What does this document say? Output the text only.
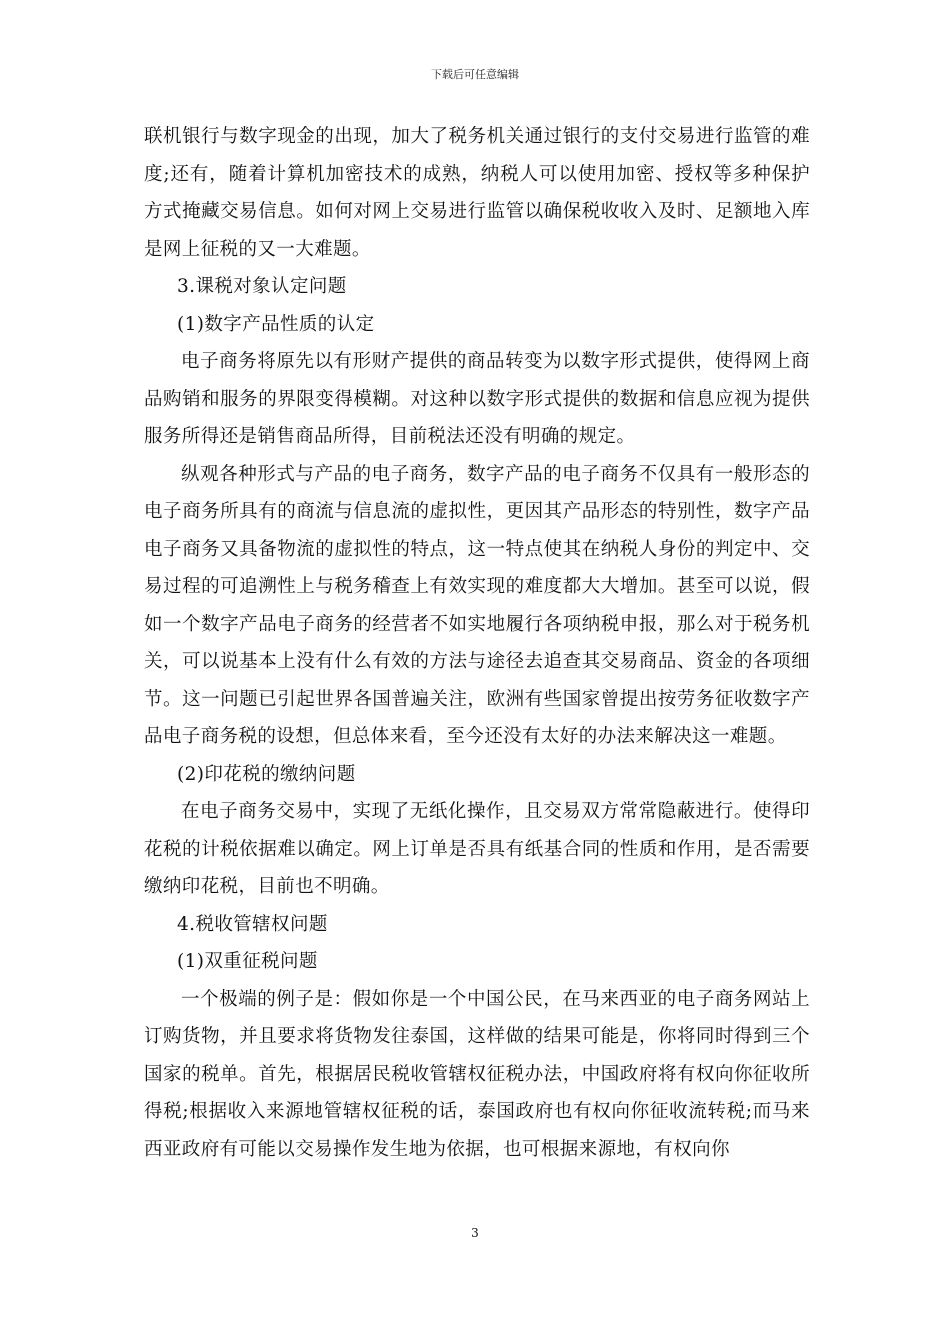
下载后可任意编辑

联机银行与数字现金的出现，加大了税务机关通过银行的支付交易进行监管的难度;还有，随着计算机加密技术的成熟，纳税人可以使用加密、授权等多种保护方式掩藏交易信息。如何对网上交易进行监管以确保税收收入及时、足额地入库是网上征税的又一大难题。

3.课税对象认定问题

(1)数字产品性质的认定

电子商务将原先以有形财产提供的商品转变为以数字形式提供，使得网上商品购销和服务的界限变得模糊。对这种以数字形式提供的数据和信息应视为提供服务所得还是销售商品所得，目前税法还没有明确的规定。

纵观各种形式与产品的电子商务，数字产品的电子商务不仅具有一般形态的电子商务所具有的商流与信息流的虚拟性，更因其产品形态的特别性，数字产品电子商务又具备物流的虚拟性的特点，这一特点使其在纳税人身份的判定中、交易过程的可追溯性上与税务稽查上有效实现的难度都大大增加。甚至可以说，假如一个数字产品电子商务的经营者不如实地履行各项纳税申报，那么对于税务机关，可以说基本上没有什么有效的方法与途径去追查其交易商品、资金的各项细节。这一问题已引起世界各国普遍关注，欧洲有些国家曾提出按劳务征收数字产品电子商务税的设想，但总体来看，至今还没有太好的办法来解决这一难题。

(2)印花税的缴纳问题

在电子商务交易中，实现了无纸化操作，且交易双方常常隐蔽进行。使得印花税的计税依据难以确定。网上订单是否具有纸基合同的性质和作用，是否需要缴纳印花税，目前也不明确。

4.税收管辖权问题

(1)双重征税问题

一个极端的例子是：假如你是一个中国公民，在马来西亚的电子商务网站上订购货物，并且要求将货物发往泰国，这样做的结果可能是，你将同时得到三个国家的税单。首先，根据居民税收管辖权征税办法，中国政府将有权向你征收所得税;根据收入来源地管辖权征税的话，泰国政府也有权向你征收流转税;而马来西亚政府有可能以交易操作发生地为依据，也可根据来源地，有权向你

3
